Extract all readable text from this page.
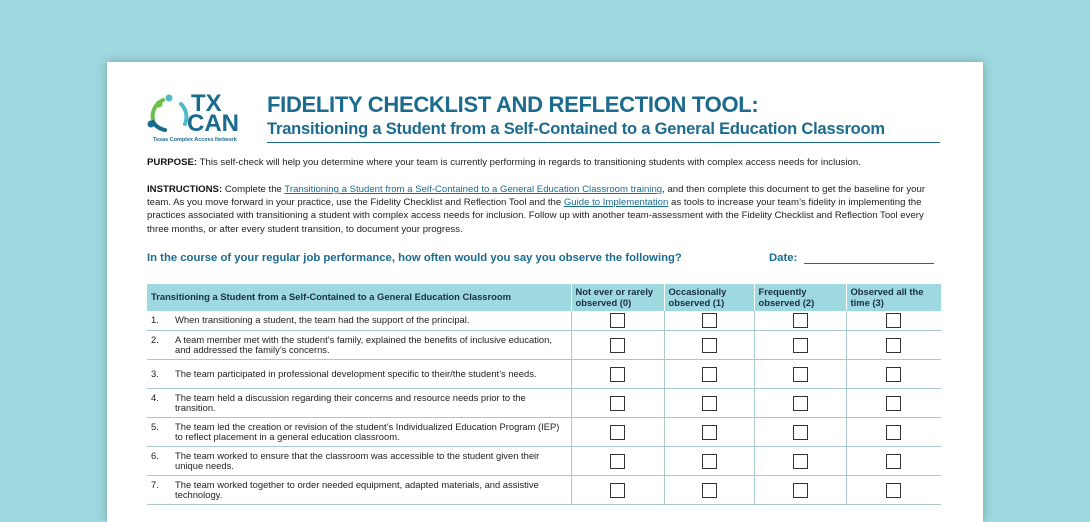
TX
CAN
Texas Complex Access Network
FIDELITY CHECKLIST AND REFLECTION TOOL:
Transitioning a Student from a Self-Contained to a General Education Classroom
PURPOSE: This self-check will help you determine where your team is currently performing in regards to transitioning students with complex access needs for inclusion.
INSTRUCTIONS: Complete the Transitioning a Student from a Self-Contained to a General Education Classroom training, and then complete this document to get the baseline for your team. As you move forward in your practice, use the Fidelity Checklist and Reflection Tool and the Guide to Implementation as tools to increase your team’s fidelity in implementing the practices associated with transitioning a student with complex access needs for inclusion. Follow up with another team-assessment with the Fidelity Checklist and Reflection Tool every three months, or after every student transition, to document your progress.
In the course of your regular job performance, how often would you say you observe the following?	Date:
Transitioning a Student from a Self-Contained to a General Education Classroom	Not ever or rarely observed (0)	Occasionally observed (1)	Frequently observed (2)	Observed all the time (3)
1. When transitioning a student, the team had the support of the principal.	

2. A team member met with the student’s family, explained the benefits of inclusive education, and addressed the family’s concerns.	

3. The team participated in professional development specific to their/the student’s needs.	

4. The team held a discussion regarding their concerns and resource needs prior to the transition.	

5. The team led the creation or revision of the student’s Individualized Education Program (IEP) to reflect placement in a general education classroom.	

6. The team worked to ensure that the classroom was accessible to the student given their unique needs.	

7. The team worked together to order needed equipment, adapted materials, and assistive technology.	
